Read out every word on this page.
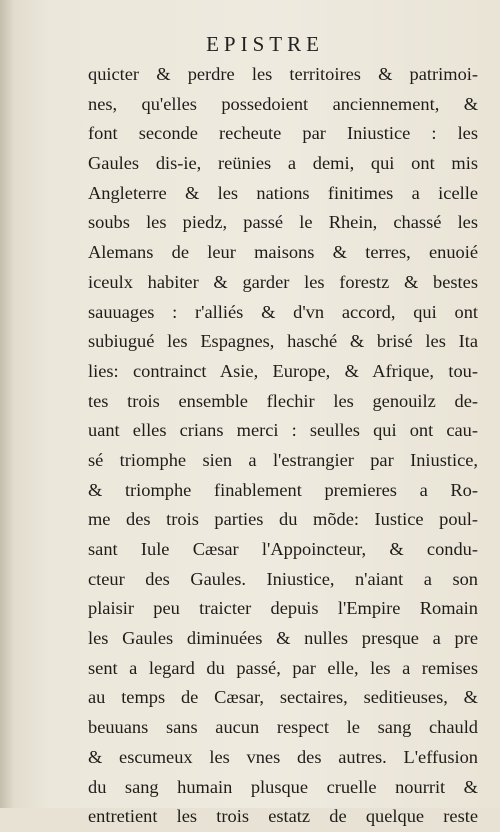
EPISTRE
quicter & perdre les territoires & patrimoi-
nes, qu'elles possedoient anciennement, &
font seconde recheute par Iniustice : les
Gaules dis-ie, reünies a demi, qui ont mis
Angleterre & les nations finitimes a icelle
soubs les piedz, passé le Rhein, chassé les
Alemans de leur maisons & terres, enuoié
iceulx habiter & garder les forestz & bestes
sauuages : r'alliés & d'vn accord, qui ont
subiugué les Espagnes, hasché & brisé les Ita
lies: contrainct Asie, Europe, & Afrique, tou-
tes trois ensemble flechir les genouilz de-
uant elles crians merci : seulles qui ont cau-
sé triomphe sien a l'estrangier par Iniustice,
& triomphe finablement premieres a Ro-
me des trois parties du mõde: Iustice poul-
sant Iule Cæsar l'Appoincteur, & condu-
cteur des Gaules. Iniustice, n'aiant a son
plaisir peu traicter depuis l'Empire Romain
les Gaules diminuées & nulles presque a pre
sent a legard du passé, par elle, les a remises
au temps de Cæsar, sectaires, seditieuses, &
beuuans sans aucun respect le sang chauld
& escumeux les vnes des autres. L'effusion
du sang humain plusque cruelle nourrit &
entretient les trois estatz de quelque reste
